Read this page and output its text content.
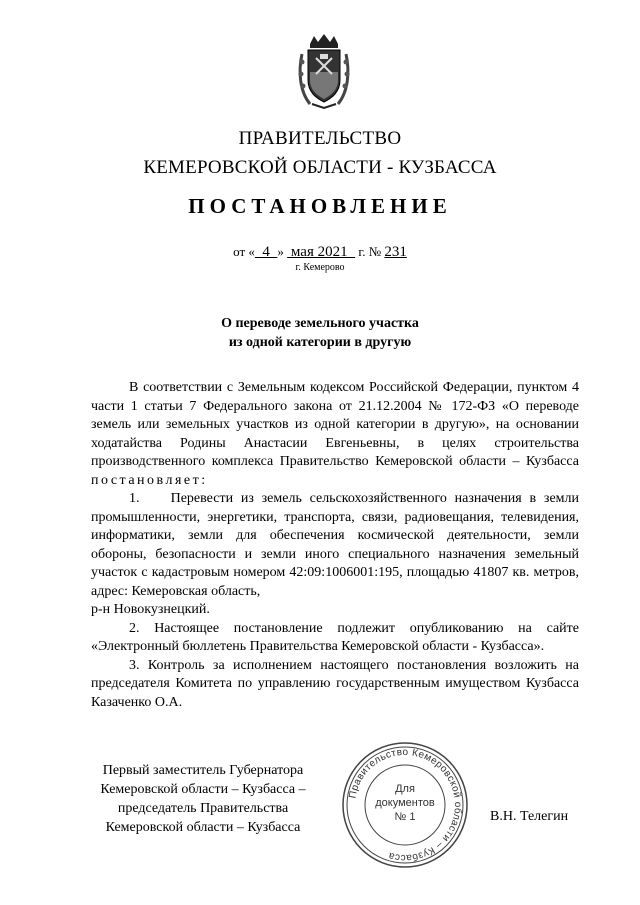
ПРАВИТЕЛЬСТВО
КЕМЕРОВСКОЙ ОБЛАСТИ - КУЗБАССА
ПОСТАНОВЛЕНИЕ
от « 4 » мая 2021 г. № 231
г. Кемерово
О переводе земельного участка
из одной категории в другую

В соответствии с Земельным кодексом Российской Федерации, пунктом 4 части 1 статьи 7 Федерального закона от 21.12.2004 № 172-ФЗ «О переводе земель или земельных участков из одной категории в другую», на основании ходатайства Родины Анастасии Евгеньевны, в целях строительства производственного комплекса Правительство Кемеровской области – Кузбасса постановляет:

1.    Перевести из земель сельскохозяйственного назначения в земли промышленности, энергетики, транспорта, связи, радиовещания, телевидения, информатики, земли для обеспечения космической деятельности, земли обороны, безопасности и земли иного специального назначения земельный участок с кадастровым номером 42:09:1006001:195, площадью 41807 кв. метров, адрес: Кемеровская область,

р-н Новокузнецкий.

2. Настоящее постановление подлежит опубликованию на сайте «Электронный бюллетень Правительства Кемеровской области - Кузбасса».

3. Контроль за исполнением настоящего постановления возложить на председателя Комитета по управлению государственным имуществом Кузбасса Казаченко О.А.

Первый заместитель Губернатора
Кемеровской области – Кузбасса –
председатель Правительства
Кемеровской области – Кузбасса
Правительство Кемеровской области – Кузбасса
Для
документов
№ 1	В.Н. Телегин
